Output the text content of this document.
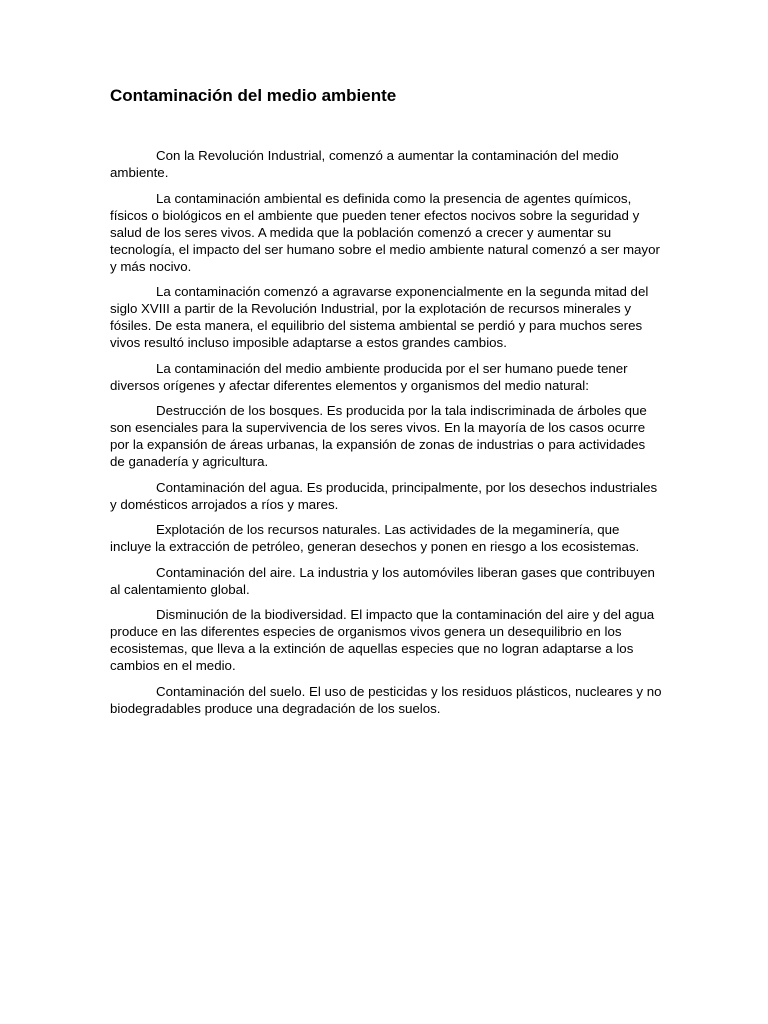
Contaminación del medio ambiente

Con la Revolución Industrial, comenzó a aumentar la contaminación del medio ambiente.

La contaminación ambiental es definida como la presencia de agentes químicos, físicos o biológicos en el ambiente que pueden tener efectos nocivos sobre la seguridad y salud de los seres vivos. A medida que la población comenzó a crecer y aumentar su tecnología, el impacto del ser humano sobre el medio ambiente natural comenzó a ser mayor y más nocivo.

La contaminación comenzó a agravarse exponencialmente en la segunda mitad del siglo XVIII a partir de la Revolución Industrial, por la explotación de recursos minerales y fósiles. De esta manera, el equilibrio del sistema ambiental se perdió y para muchos seres vivos resultó incluso imposible adaptarse a estos grandes cambios.

La contaminación del medio ambiente producida por el ser humano puede tener diversos orígenes y afectar diferentes elementos y organismos del medio natural:

Destrucción de los bosques. Es producida por la tala indiscriminada de árboles que son esenciales para la supervivencia de los seres vivos. En la mayoría de los casos ocurre por la expansión de áreas urbanas, la expansión de zonas de industrias o para actividades de ganadería y agricultura.

Contaminación del agua. Es producida, principalmente, por los desechos industriales y domésticos arrojados a ríos y mares.

Explotación de los recursos naturales. Las actividades de la megaminería, que incluye la extracción de petróleo, generan desechos y ponen en riesgo a los ecosistemas.

Contaminación del aire. La industria y los automóviles liberan gases que contribuyen al calentamiento global.

Disminución de la biodiversidad. El impacto que la contaminación del aire y del agua produce en las diferentes especies de organismos vivos genera un desequilibrio en los ecosistemas, que lleva a la extinción de aquellas especies que no logran adaptarse a los cambios en el medio.

Contaminación del suelo. El uso de pesticidas y los residuos plásticos, nucleares y no biodegradables produce una degradación de los suelos.
